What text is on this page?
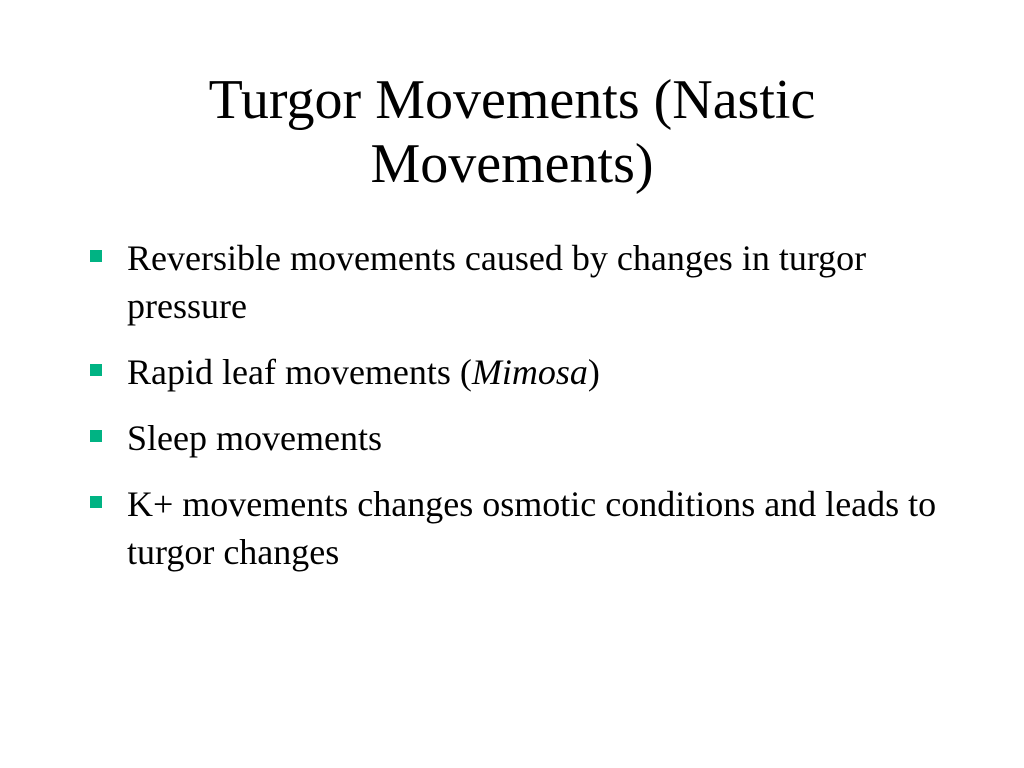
Turgor Movements (Nastic Movements)
Reversible movements caused by changes in turgor pressure
Rapid leaf movements (Mimosa)
Sleep movements
K+ movements changes osmotic conditions and leads to turgor changes
